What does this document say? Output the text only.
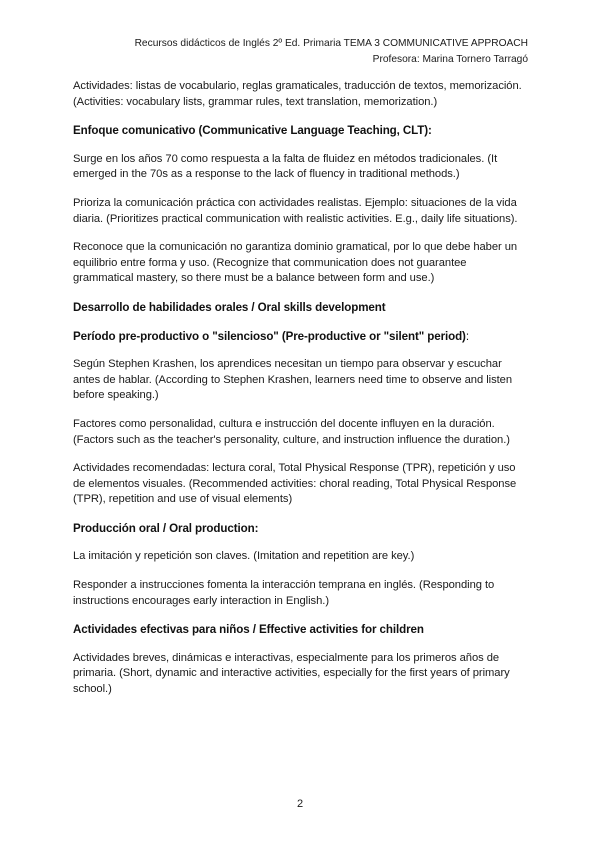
Recursos didácticos de Inglés 2º Ed. Primaria TEMA 3 COMMUNICATIVE APPROACH
Profesora: Marina Tornero Tarragó

Actividades: listas de vocabulario, reglas gramaticales, traducción de textos, memorización. (Activities: vocabulary lists, grammar rules, text translation, memorization.)

Enfoque comunicativo (Communicative Language Teaching, CLT):

Surge en los años 70 como respuesta a la falta de fluidez en métodos tradicionales. (It emerged in the 70s as a response to the lack of fluency in traditional methods.)

Prioriza la comunicación práctica con actividades realistas. Ejemplo: situaciones de la vida diaria. (Prioritizes practical communication with realistic activities. E.g., daily life situations).

Reconoce que la comunicación no garantiza dominio gramatical, por lo que debe haber un equilibrio entre forma y uso. (Recognize that communication does not guarantee grammatical mastery, so there must be a balance between form and use.)

Desarrollo de habilidades orales / Oral skills development

Período pre-productivo o "silencioso" (Pre-productive or "silent" period):

Según Stephen Krashen, los aprendices necesitan un tiempo para observar y escuchar antes de hablar. (According to Stephen Krashen, learners need time to observe and listen before speaking.)

Factores como personalidad, cultura e instrucción del docente influyen en la duración. (Factors such as the teacher's personality, culture, and instruction influence the duration.)

Actividades recomendadas: lectura coral, Total Physical Response (TPR), repetición y uso de elementos visuales. (Recommended activities: choral reading, Total Physical Response (TPR), repetition and use of visual elements)

Producción oral / Oral production:

La imitación y repetición son claves. (Imitation and repetition are key.)

Responder a instrucciones fomenta la interacción temprana en inglés. (Responding to instructions encourages early interaction in English.)

Actividades efectivas para niños / Effective activities for children

Actividades breves, dinámicas e interactivas, especialmente para los primeros años de primaria. (Short, dynamic and interactive activities, especially for the first years of primary school.)

2
